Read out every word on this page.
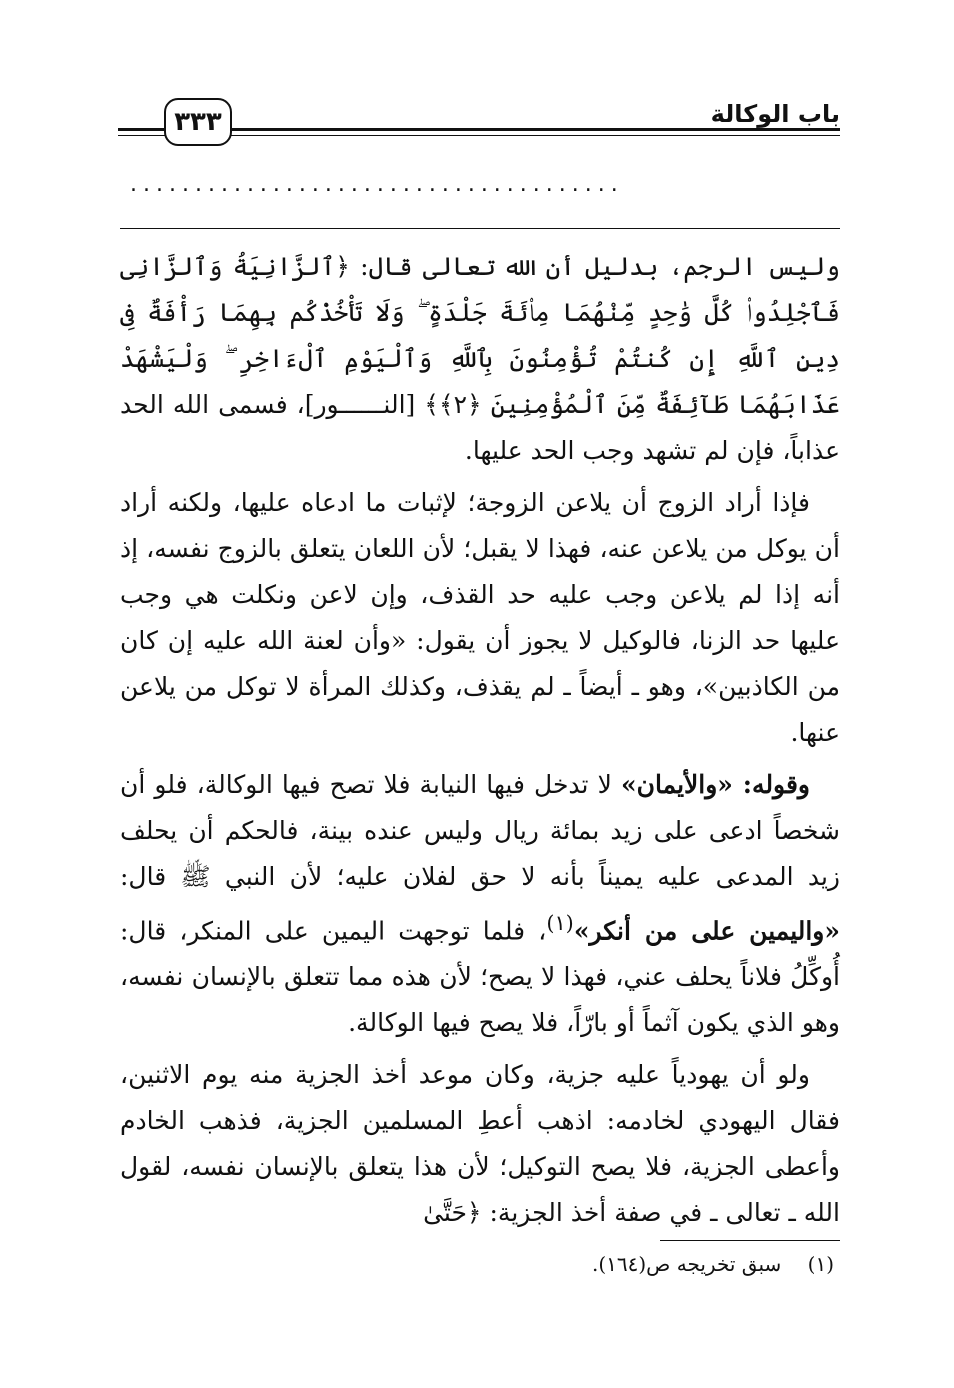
باب الوكالة
٣٣٣
......................................

وليس الرجم، بدليل أن الله تعالى قال: ﴿ٱلزَّانِيَةُ وَٱلزَّانِى فَٱجْلِدُوا۟ كُلَّ وَٰحِدٍ مِّنْهُمَا مِا۟ئَةَ جَلْدَةٍ ۖ وَلَا تَأْخُذْكُم بِهِمَا رَأْفَةٌ فِى دِينِ ٱللَّهِ إِن كُنتُمْ تُؤْمِنُونَ بِٱللَّهِ وَٱلْيَوْمِ ٱلْءَاخِرِ ۖ وَلْيَشْهَدْ عَذَابَهُمَا طَآئِفَةٌ مِّنَ ٱلْمُؤْمِنِينَ ﴿٢﴾﴾ [النــــــور]، فسمى الله الحد عذاباً، فإن لم تشهد وجب الحد عليها.

فإذا أراد الزوج أن يلاعن الزوجة؛ لإثبات ما ادعاه عليها، ولكنه أراد أن يوكل من يلاعن عنه، فهذا لا يقبل؛ لأن اللعان يتعلق بالزوج نفسه، إذ أنه إذا لم يلاعن وجب عليه حد القذف، وإن لاعن ونكلت هي وجب عليها حد الزنا، فالوكيل لا يجوز أن يقول: «وأن لعنة الله عليه إن كان من الكاذبين»، وهو ـ أيضاً ـ لم يقذف، وكذلك المرأة لا توكل من يلاعن عنها.

وقوله: «والأيمان» لا تدخل فيها النيابة فلا تصح فيها الوكالة، فلو أن شخصاً ادعى على زيد بمائة ريال وليس عنده بينة، فالحكم أن يحلف زيد المدعى عليه يميناً بأنه لا حق لفلان عليه؛ لأن النبي ﷺ قال: «واليمين على من أنكر»$^{(١)}$، فلما توجهت اليمين على المنكر، قال: أُوكِّلُ فلاناً يحلف عني، فهذا لا يصح؛ لأن هذه مما تتعلق بالإنسان نفسه، وهو الذي يكون آثماً أو بارّاً، فلا يصح فيها الوكالة.

ولو أن يهودياً عليه جزية، وكان موعد أخذ الجزية منه يوم الاثنين، فقال اليهودي لخادمه: اذهب أعطِ المسلمين الجزية، فذهب الخادم وأعطى الجزية، فلا يصح التوكيل؛ لأن هذا يتعلق بالإنسان نفسه، لقول الله ـ تعالى ـ في صفة أخذ الجزية: ﴿حَتَّىٰ

(١) سبق تخريجه ص(١٦٤).
